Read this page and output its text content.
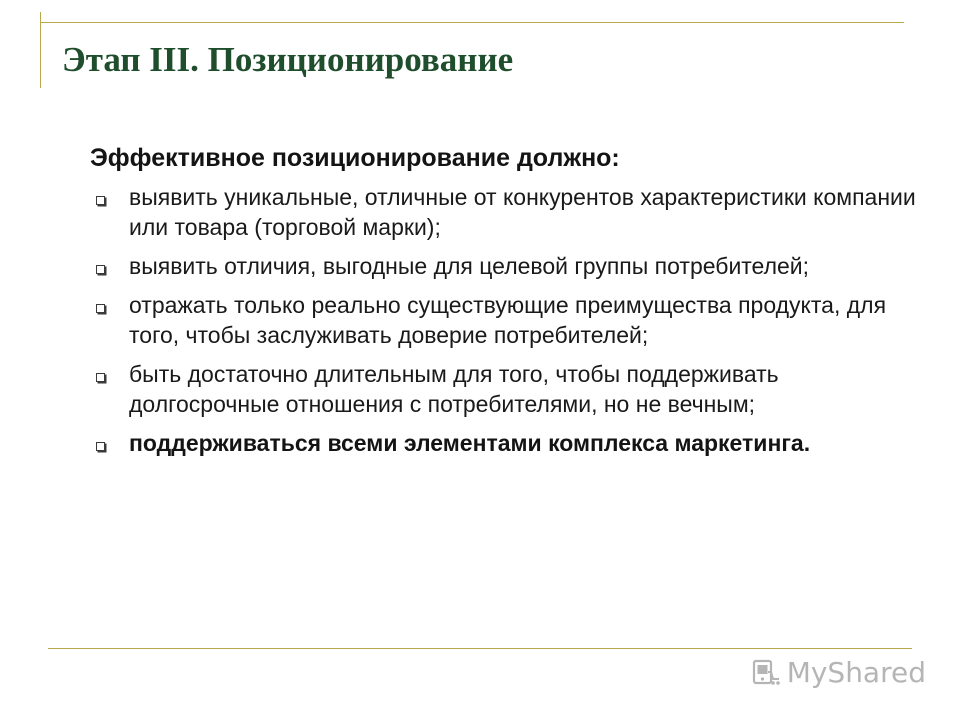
Этап III. Позиционирование
Эффективное позиционирование должно:
выявить уникальные, отличные от конкурентов характеристики компании или товара (торговой марки);
выявить отличия, выгодные для целевой группы потребителей;
отражать только реально существующие преимущества продукта, для того, чтобы заслуживать доверие потребителей;
быть достаточно длительным для того, чтобы поддерживать долгосрочные отношения с потребителями, но не вечным;
поддерживаться всеми элементами комплекса маркетинга.
MyShared
